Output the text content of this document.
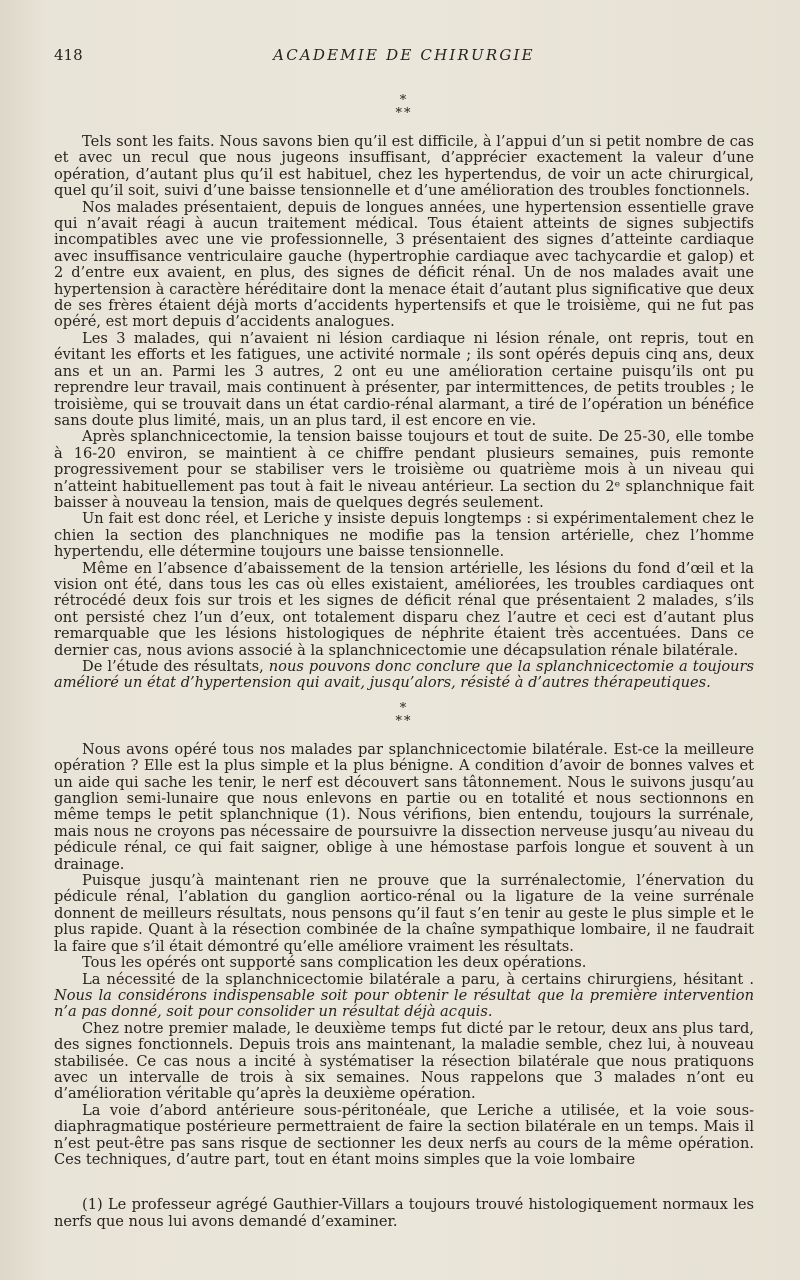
418	ACADEMIE DE CHIRURGIE
*
**

Tels sont les faits. Nous savons bien qu’il est difficile, à l’appui d’un si petit nombre de cas et avec un recul que nous jugeons insuffisant, d’apprécier exactement la valeur d’une opération, d’autant plus qu’il est habituel, chez les hypertendus, de voir un acte chirurgical, quel qu’il soit, suivi d’une baisse tensionnelle et d’une amélioration des troubles fonctionnels.

Nos malades présentaient, depuis de longues années, une hypertension essentielle grave qui n’avait réagi à aucun traitement médical. Tous étaient atteints de signes subjectifs incompatibles avec une vie professionnelle, 3 présentaient des signes d’atteinte cardiaque avec insuffisance ventriculaire gauche (hypertrophie cardiaque avec tachycardie et galop) et 2 d’entre eux avaient, en plus, des signes de déficit rénal. Un de nos malades avait une hypertension à caractère héréditaire dont la menace était d’autant plus significative que deux de ses frères étaient déjà morts d’accidents hypertensifs et que le troisième, qui ne fut pas opéré, est mort depuis d’accidents analogues.

Les 3 malades, qui n’avaient ni lésion cardiaque ni lésion rénale, ont repris, tout en évitant les efforts et les fatigues, une activité normale ; ils sont opérés depuis cinq ans, deux ans et un an. Parmi les 3 autres, 2 ont eu une amélioration certaine puisqu’ils ont pu reprendre leur travail, mais continuent à présenter, par intermittences, de petits troubles ; le troisième, qui se trouvait dans un état cardio-rénal alarmant, a tiré de l’opération un bénéfice sans doute plus limité, mais, un an plus tard, il est encore en vie.

Après splanchnicectomie, la tension baisse toujours et tout de suite. De 25-30, elle tombe à 16-20 environ, se maintient à ce chiffre pendant plusieurs semaines, puis remonte progressivement pour se stabiliser vers le troisième ou quatrième mois à un niveau qui n’atteint habituellement pas tout à fait le niveau antérieur. La section du 2ᵉ splanchnique fait baisser à nouveau la tension, mais de quelques degrés seulement.

Un fait est donc réel, et Leriche y insiste depuis longtemps : si expérimentalement chez le chien la section des planchniques ne modifie pas la tension artérielle, chez l’homme hypertendu, elle détermine toujours une baisse tensionnelle.

Même en l’absence d’abaissement de la tension artérielle, les lésions du fond d’œil et la vision ont été, dans tous les cas où elles existaient, améliorées, les troubles cardiaques ont rétrocédé deux fois sur trois et les signes de déficit rénal que présentaient 2 malades, s’ils ont persisté chez l’un d’eux, ont totalement disparu chez l’autre et ceci est d’autant plus remarquable que les lésions histologiques de néphrite étaient très accentuées. Dans ce dernier cas, nous avions associé à la splanchnicectomie une décapsulation rénale bilatérale.

De l’étude des résultats, nous pouvons donc conclure que la splanchnicectomie a toujours amélioré un état d’hypertension qui avait, jusqu’alors, résisté à d’autres thérapeutiques.

*
**

Nous avons opéré tous nos malades par splanchnicectomie bilatérale. Est-ce la meilleure opération ? Elle est la plus simple et la plus bénigne. A condition d’avoir de bonnes valves et un aide qui sache les tenir, le nerf est découvert sans tâtonnement. Nous le suivons jusqu’au ganglion semi-lunaire que nous enlevons en partie ou en totalité et nous sectionnons en même temps le petit splanchnique (1). Nous vérifions, bien entendu, toujours la surrénale, mais nous ne croyons pas nécessaire de poursuivre la dissection nerveuse jusqu’au niveau du pédicule rénal, ce qui fait saigner, oblige à une hémostase parfois longue et souvent à un drainage.

Puisque jusqu’à maintenant rien ne prouve que la surrénalectomie, l’énervation du pédicule rénal, l’ablation du ganglion aortico-rénal ou la ligature de la veine surrénale donnent de meilleurs résultats, nous pensons qu’il faut s’en tenir au geste le plus simple et le plus rapide. Quant à la résection combinée de la chaîne sympathique lombaire, il ne faudrait la faire que s’il était démontré qu’elle améliore vraiment les résultats.

Tous les opérés ont supporté sans complication les deux opérations.

La nécessité de la splanchnicectomie bilatérale a paru, à certains chirurgiens, hésitant . Nous la considérons indispensable soit pour obtenir le résultat que la première intervention n’a pas donné, soit pour consolider un résultat déjà acquis.

Chez notre premier malade, le deuxième temps fut dicté par le retour, deux ans plus tard, des signes fonctionnels. Depuis trois ans maintenant, la maladie semble, chez lui, à nouveau stabilisée. Ce cas nous a incité à systématiser la résection bilatérale que nous pratiquons avec un intervalle de trois à six semaines. Nous rappelons que 3 malades n’ont eu d’amélioration véritable qu’après la deuxième opération.

La voie d’abord antérieure sous-péritonéale, que Leriche a utilisée, et la voie sous-diaphragmatique postérieure permettraient de faire la section bilatérale en un temps. Mais il n’est peut-être pas sans risque de sectionner les deux nerfs au cours de la même opération. Ces techniques, d’autre part, tout en étant moins simples que la voie lombaire

(1) Le professeur agrégé Gauthier-Villars a toujours trouvé histologiquement normaux les nerfs que nous lui avons demandé d’examiner.
